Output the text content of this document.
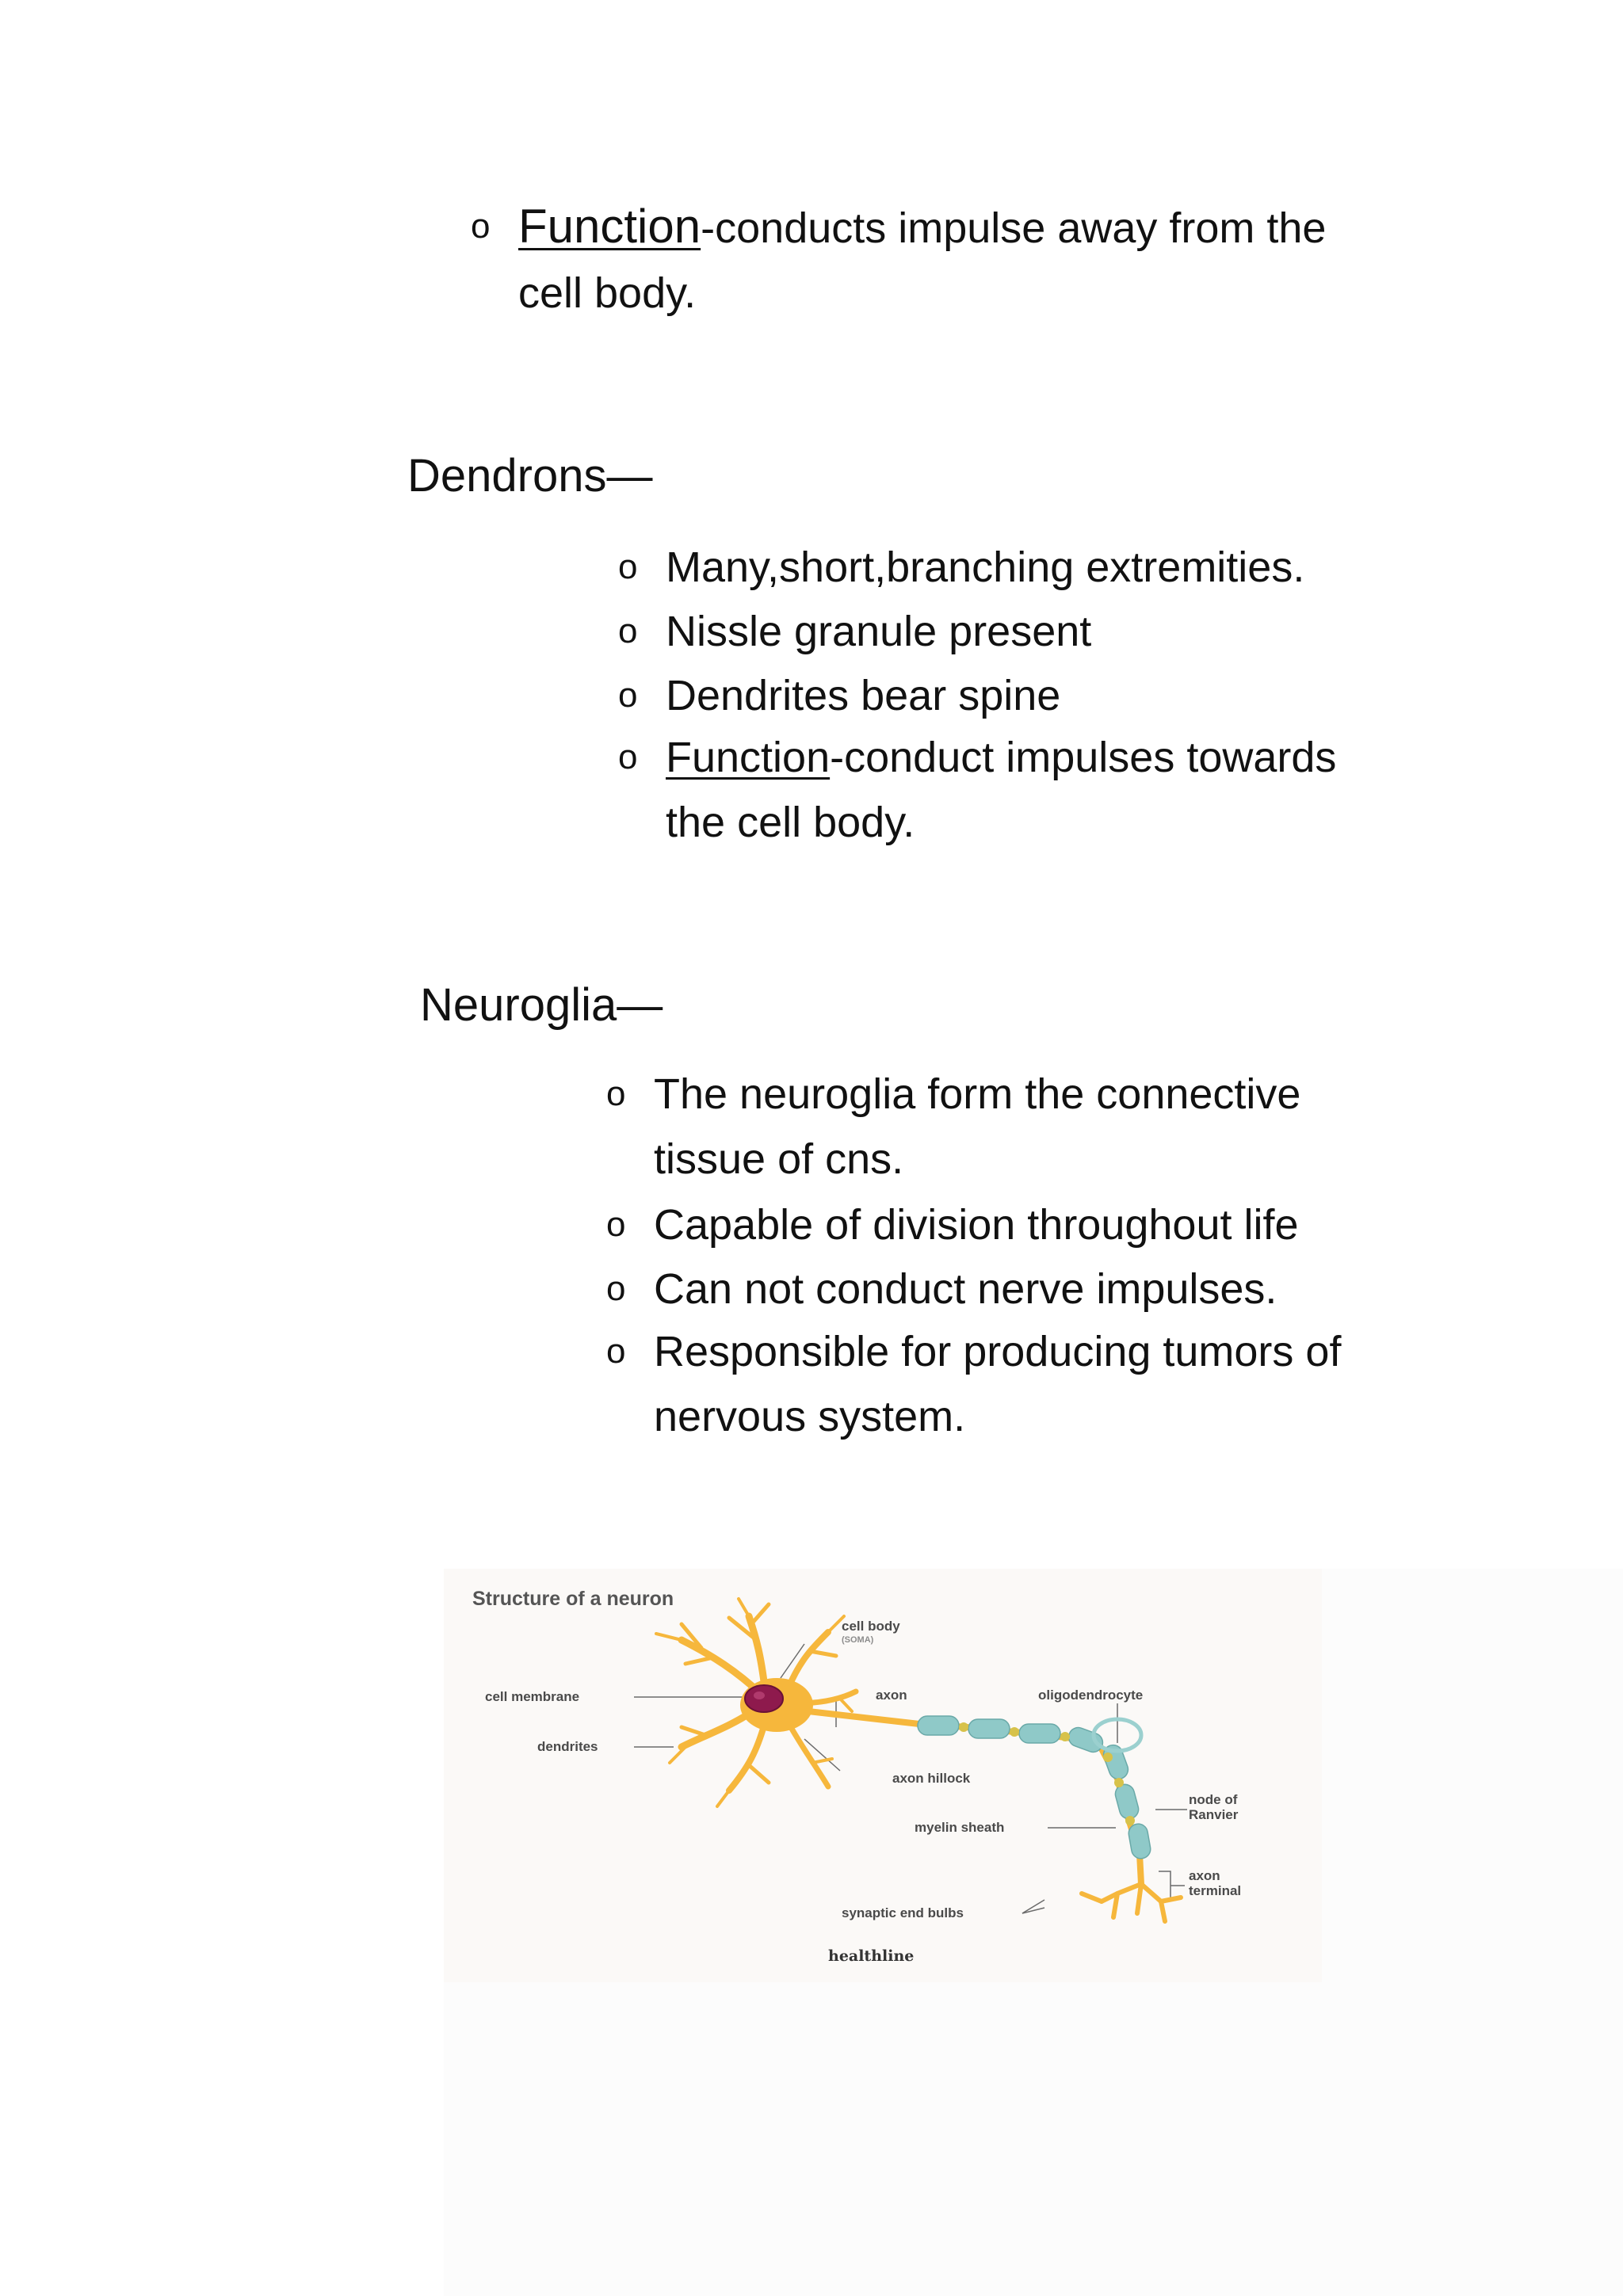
o Function-conducts impulse away from the
cell body.
Dendrons—
o Many,short,branching extremities.
o Nissle granule present
o Dendrites bear spine
o Function-conduct impulses towards
the cell body.
Neuroglia—
o The neuroglia form the connective
tissue of cns.
o Capable of division throughout life
o Can not conduct nerve impulses.
o Responsible for producing tumors of
nervous system.
Structure of a neuron
cell body
(SOMA)
cell membrane
dendrites
axon	oligodendrocyte
axon hillock
myelin sheath
node of
Ranvier
axon
terminal
synaptic end bulbs
healthline
